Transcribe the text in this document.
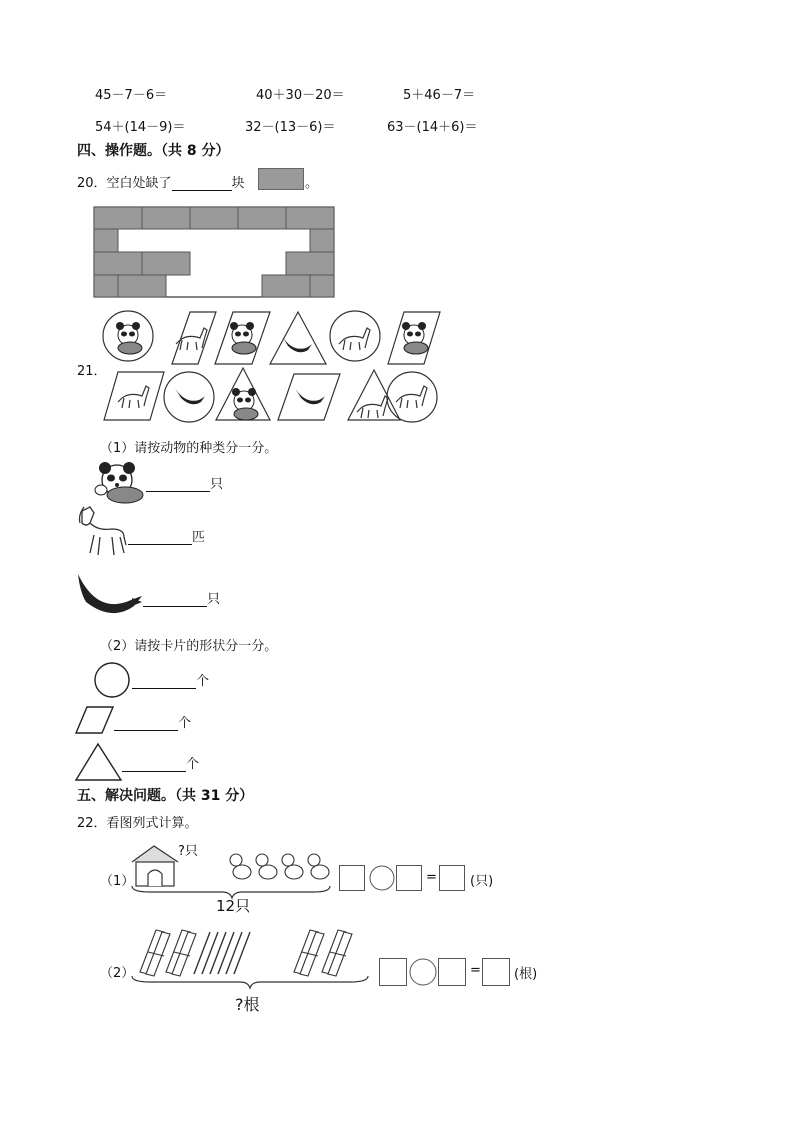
45－7－6＝	40＋30－20＝	5＋46－7＝
54＋(14－9)＝	32－(13－6)＝	63－(14＋6)＝
四、操作题。（共 8 分）
20．空白处缺了	块	。
21．
（1）请按动物的种类分一分。
只
匹
只
（2）请按卡片的形状分一分。
个
个
个
五、解决问题。（共 31 分）
22．看图列式计算。
（1）
?只
12只
=	(只)
（2）
?根
=	(根)
